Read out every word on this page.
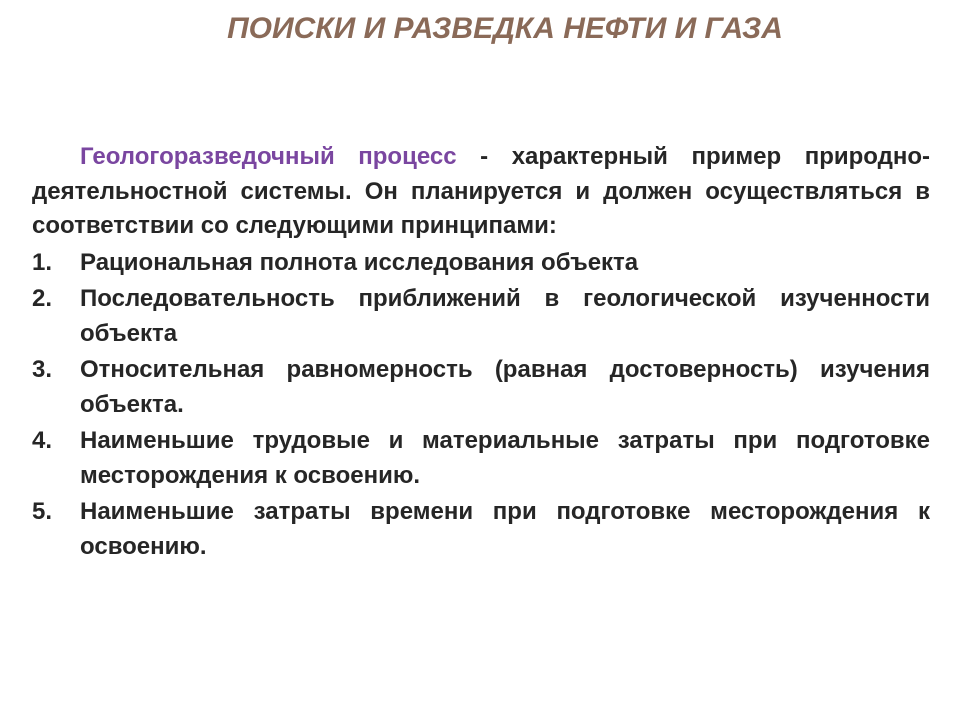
ПОИСКИ И РАЗВЕДКА НЕФТИ И ГАЗА

Геологоразведочный процесс - характерный пример природно-деятельностной системы. Он планируется и должен осуществляться в соответствии со следующими принципами:

1.	Рациональная полнота исследования объекта
2.	Последовательность приближений в геологической изученности объекта
3.	Относительная равномерность (равная достоверность) изучения объекта.
4.	Наименьшие трудовые и материальные затраты при подготовке месторождения к освоению.
5.	Наименьшие затраты времени при подготовке месторождения к освоению.
